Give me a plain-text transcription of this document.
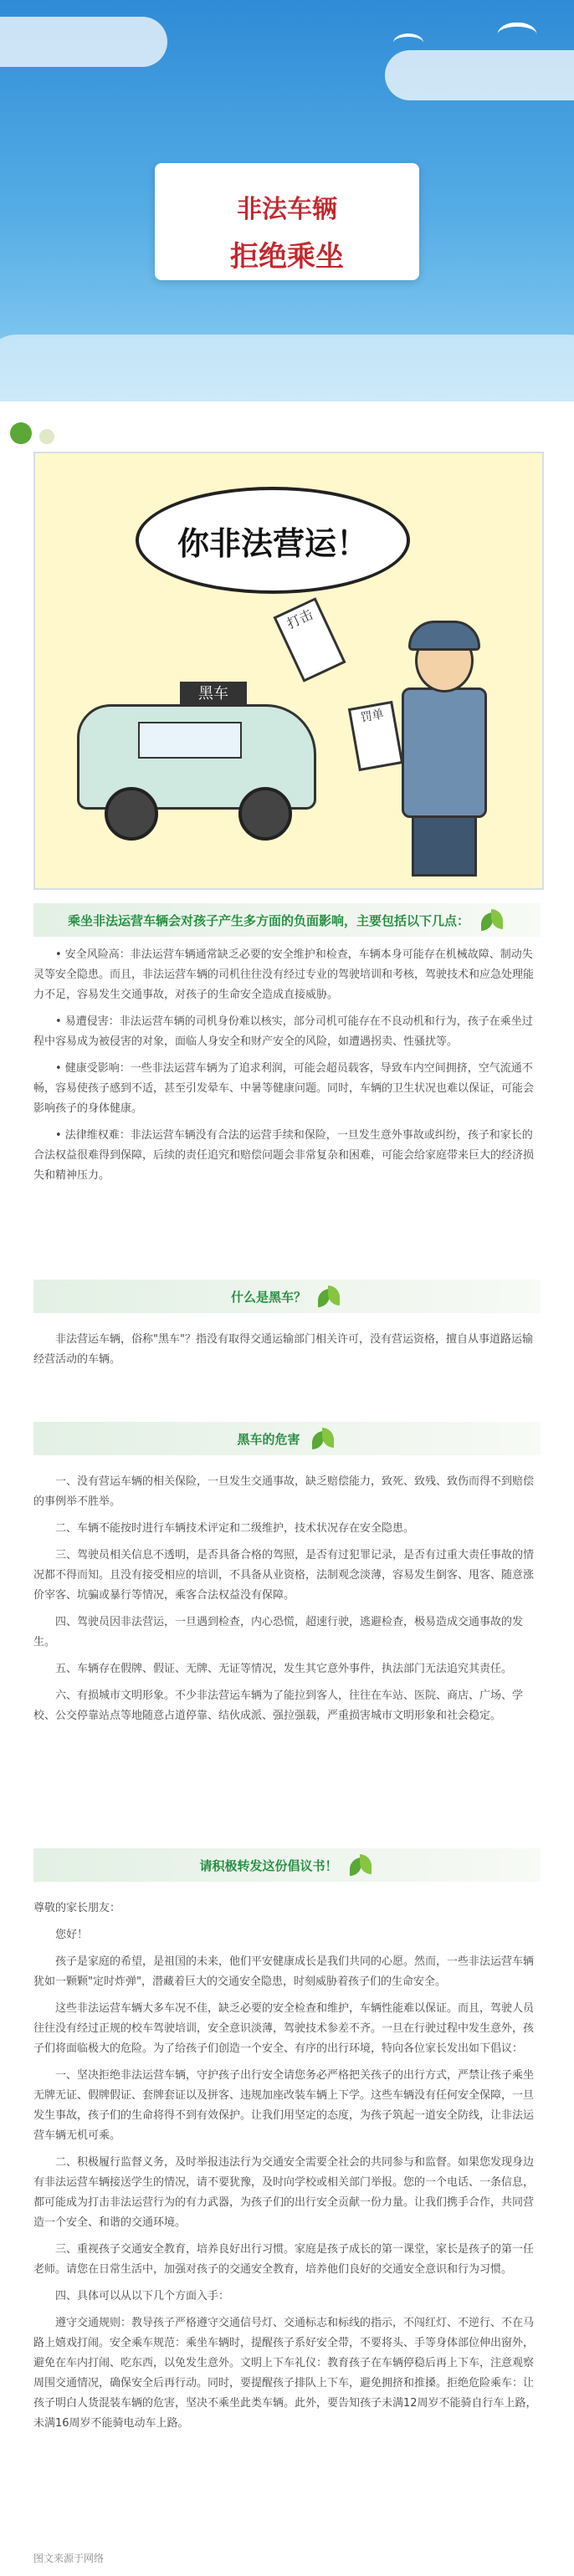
非法车辆
拒绝乘坐

你非法营运！
黑车
打击
罚单
乘坐非法运营车辆会对孩子产生多方面的负面影响，主要包括以下几点：

• 安全风险高：非法运营车辆通常缺乏必要的安全维护和检查，车辆本身可能存在机械故障、制动失灵等安全隐患。而且，非法运营车辆的司机往往没有经过专业的驾驶培训和考核，驾驶技术和应急处理能力不足，容易发生交通事故，对孩子的生命安全造成直接威胁。

• 易遭侵害：非法运营车辆的司机身份难以核实，部分司机可能存在不良动机和行为，孩子在乘坐过程中容易成为被侵害的对象，面临人身安全和财产安全的风险，如遭遇拐卖、性骚扰等。

• 健康受影响：一些非法运营车辆为了追求利润，可能会超员载客，导致车内空间拥挤，空气流通不畅，容易使孩子感到不适，甚至引发晕车、中暑等健康问题。同时，车辆的卫生状况也难以保证，可能会影响孩子的身体健康。

• 法律维权难：非法运营车辆没有合法的运营手续和保险，一旦发生意外事故或纠纷，孩子和家长的合法权益很难得到保障，后续的责任追究和赔偿问题会非常复杂和困难，可能会给家庭带来巨大的经济损失和精神压力。

什么是黑车？

非法营运车辆，俗称"黑车"？指没有取得交通运输部门相关许可，没有营运资格，擅自从事道路运输经营活动的车辆。

黑车的危害

一、没有营运车辆的相关保险，一旦发生交通事故，缺乏赔偿能力，致死、致残、致伤而得不到赔偿的事例举不胜举。

二、车辆不能按时进行车辆技术评定和二级维护，技术状况存在安全隐患。

三、驾驶员相关信息不透明，是否具备合格的驾照，是否有过犯罪记录，是否有过重大责任事故的情况都不得而知。且没有接受相应的培训，不具备从业资格，法制观念淡薄，容易发生倒客、甩客、随意涨价宰客、坑骗或暴行等情况，乘客合法权益没有保障。

四、驾驶员因非法营运，一旦遇到检查，内心恐慌，超速行驶，逃避检查，极易造成交通事故的发生。

五、车辆存在假牌、假证、无牌、无证等情况，发生其它意外事件，执法部门无法追究其责任。

六、有损城市文明形象。不少非法营运车辆为了能拉到客人，往往在车站、医院、商店、广场、学校、公交停靠站点等地随意占道停靠、结伙成派、强拉强载，严重损害城市文明形象和社会稳定。

请积极转发这份倡议书！

尊敬的家长朋友：

您好！

孩子是家庭的希望，是祖国的未来，他们平安健康成长是我们共同的心愿。然而，一些非法运营车辆犹如一颗颗"定时炸弹"，潜藏着巨大的交通安全隐患，时刻威胁着孩子们的生命安全。

这些非法运营车辆大多车况不佳，缺乏必要的安全检查和维护，车辆性能难以保证。而且，驾驶人员往往没有经过正规的校车驾驶培训，安全意识淡薄，驾驶技术参差不齐。一旦在行驶过程中发生意外，孩子们将面临极大的危险。为了给孩子们创造一个安全、有序的出行环境，特向各位家长发出如下倡议：

一、坚决拒绝非法运营车辆，守护孩子出行安全请您务必严格把关孩子的出行方式，严禁让孩子乘坐无牌无证、假牌假证、套牌套证以及拼客、违规加座改装车辆上下学。这些车辆没有任何安全保障，一旦发生事故，孩子们的生命将得不到有效保护。让我们用坚定的态度，为孩子筑起一道安全防线，让非法运营车辆无机可乘。

二、积极履行监督义务，及时举报违法行为交通安全需要全社会的共同参与和监督。如果您发现身边有非法运营车辆接送学生的情况，请不要犹豫，及时向学校或相关部门举报。您的一个电话、一条信息，都可能成为打击非法运营行为的有力武器，为孩子们的出行安全贡献一份力量。让我们携手合作，共同营造一个安全、和谐的交通环境。

三、重视孩子交通安全教育，培养良好出行习惯。家庭是孩子成长的第一课堂，家长是孩子的第一任老师。请您在日常生活中，加强对孩子的交通安全教育，培养他们良好的交通安全意识和行为习惯。

四、具体可以从以下几个方面入手：

遵守交通规则：教导孩子严格遵守交通信号灯、交通标志和标线的指示，不闯红灯、不逆行、不在马路上嬉戏打闹。安全乘车规范：乘坐车辆时，提醒孩子系好安全带，不要将头、手等身体部位伸出窗外，避免在车内打闹、吃东西，以免发生意外。文明上下车礼仪：教育孩子在车辆停稳后再上下车，注意观察周围交通情况，确保安全后再行动。同时，要提醒孩子排队上下车，避免拥挤和推搡。拒绝危险乘车：让孩子明白人货混装车辆的危害，坚决不乘坐此类车辆。此外，要告知孩子未满12周岁不能骑自行车上路，未满16周岁不能骑电动车上路。

图文来源于网络
